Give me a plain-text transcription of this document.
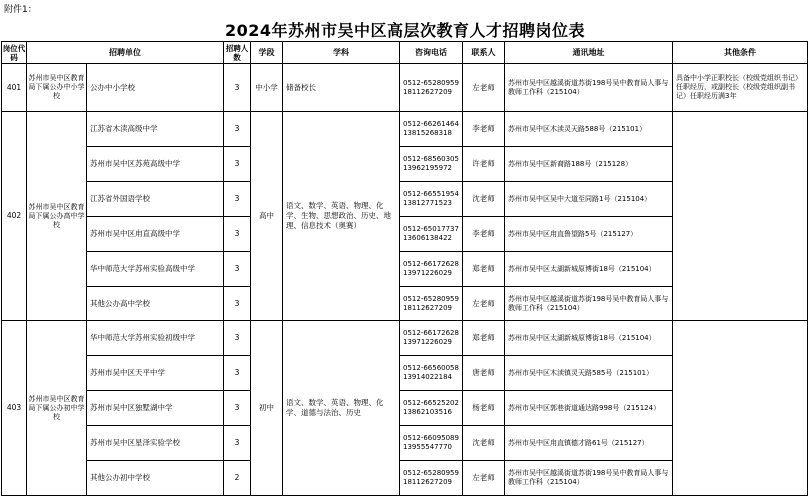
附件1：
2024年苏州市吴中区高层次教育人才招聘岗位表
岗位代码	招聘单位		招聘人数	学段	学科	咨询电话	联系人	通讯地址	其他条件
401	苏州市吴中区教育局下属公办中小学校	公办中小学校	3	中小学	储备校长	0512-65280959 18112627209	左老师	苏州市吴中区越溪街道苏街198号吴中教育局人事与教师工作科（215104）	具备中小学正职校长（校级党组织书记）任职经历，或副校长（校级党组织副书记）任职经历满3年
402	苏州市吴中区教育局下属公办高中学校	江苏省木渎高级中学	3	高中	语文、数学、英语、物理、化学、生物、思想政治、历史、地理、信息技术（奥赛）	0512-66261464 13815268318	李老师	苏州市吴中区木渎灵天路588号（215101）	
		苏州市吴中区苏苑高级中学	3			0512-68560305 13962195972	许老师	苏州市吴中区新裔路188号（215128）	
		江苏省外国语学校	3			0512-66551954 13812771523	沈老师	苏州市吴中区吴中大道至同路1号（215104）	
		苏州市吴中区甪直高级中学	3			0512-65017737 13606138422	李老师	苏州市吴中区甪直鲁望路5号（215127）	
		华中师范大学苏州实验高级中学	3			0512-66172628 13971226029	郑老师	苏州市吴中区太湖新城原博街18号（215104）	
		其他公办高中学校	3			0512-65280959 18112627209	左老师	苏州市吴中区越溪街道苏街198号吴中教育局人事与教师工作科（215104）	
403	苏州市吴中区教育局下属公办初中学校	华中师范大学苏州实验初级中学	3	初中	语文、数学、英语、物理、化学、道德与法治、历史	0512-66172628 13971226029	郑老师	苏州市吴中区太湖新城原博街18号（215104）	
		苏州市吴中区天平中学	3			0512-66560058 13914022184	唐老师	苏州市吴中区木渎镇灵天路585号（215101）	
		苏州市吴中区独墅湖中学	3			0512-66525202 13862103516	杨老师	苏州市吴中区郭巷街道通达路998号（215124）	
		苏州市吴中区星泽实验学校	3			0512-66095089 13955547770	沈老师	苏州市吴中区甪直镇德才路61号（215127）	
		其他公办初中学校	2			0512-65280959 18112627209	左老师	苏州市吴中区越溪街道苏街198号吴中教育局人事与教师工作科（215104）	
